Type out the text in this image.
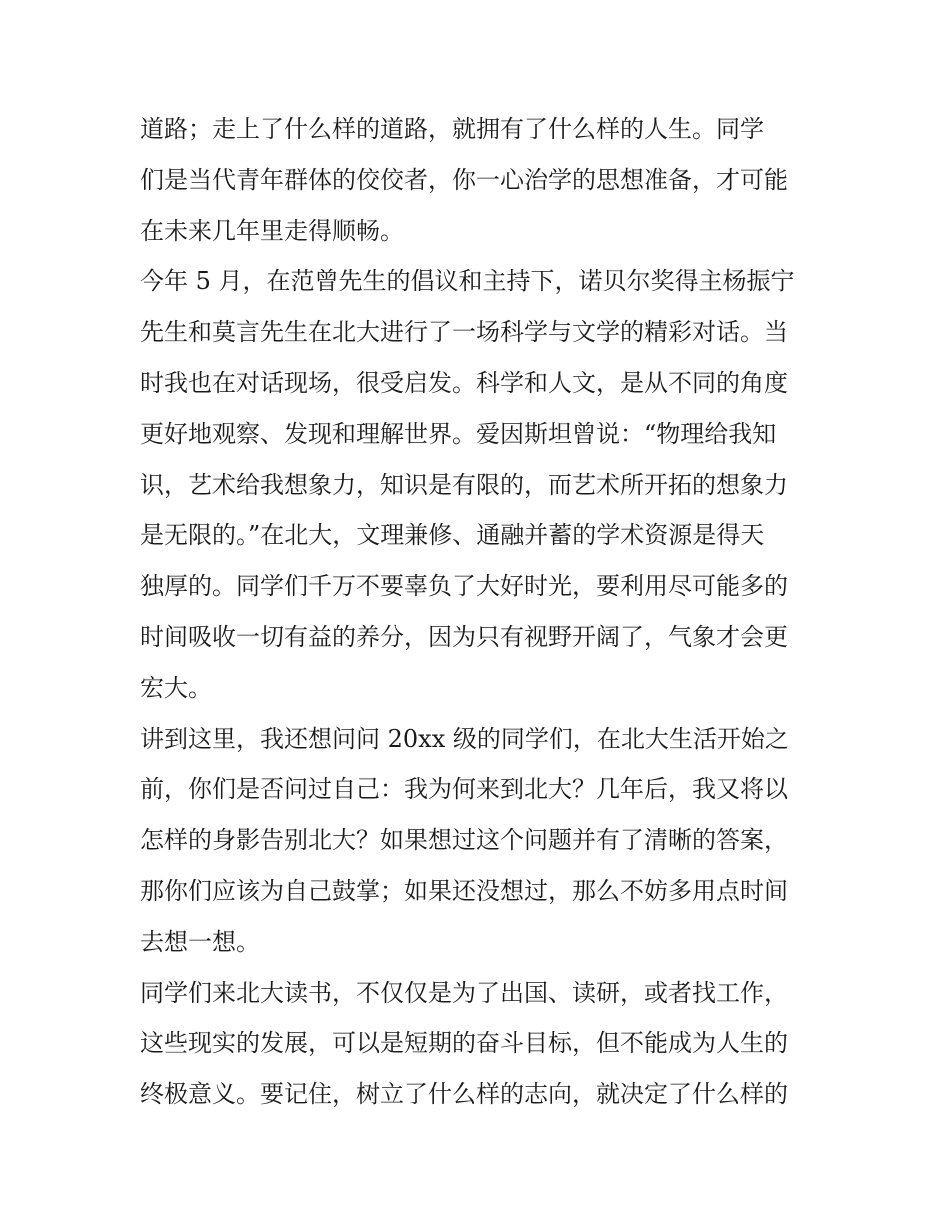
道路；走上了什么样的道路，就拥有了什么样的人生。同学
们是当代青年群体的佼佼者，你一心治学的思想准备，才可能
在未来几年里走得顺畅。
今年 5 月，在范曾先生的倡议和主持下，诺贝尔奖得主杨振宁
先生和莫言先生在北大进行了一场科学与文学的精彩对话。当
时我也在对话现场，很受启发。科学和人文，是从不同的角度
更好地观察、发现和理解世界。爱因斯坦曾说：“物理给我知
识，艺术给我想象力，知识是有限的，而艺术所开拓的想象力
是无限的。”在北大，文理兼修、通融并蓄的学术资源是得天
独厚的。同学们千万不要辜负了大好时光，要利用尽可能多的
时间吸收一切有益的养分，因为只有视野开阔了，气象才会更
宏大。
讲到这里，我还想问问 20xx 级的同学们，在北大生活开始之
前，你们是否问过自己：我为何来到北大？几年后，我又将以
怎样的身影告别北大？如果想过这个问题并有了清晰的答案，
那你们应该为自己鼓掌；如果还没想过，那么不妨多用点时间
去想一想。
同学们来北大读书，不仅仅是为了出国、读研，或者找工作，
这些现实的发展，可以是短期的奋斗目标，但不能成为人生的
终极意义。要记住，树立了什么样的志向，就决定了什么样的
